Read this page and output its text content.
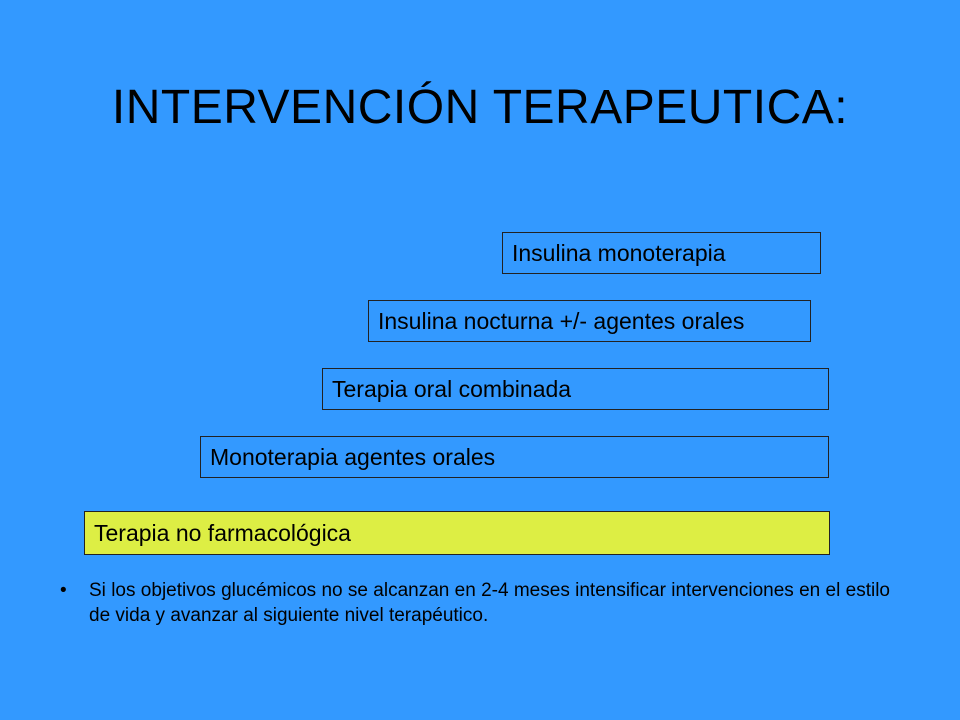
INTERVENCIÓN TERAPEUTICA:
Insulina monoterapia
Insulina nocturna +/- agentes orales
Terapia oral combinada
Monoterapia agentes orales
Terapia no farmacológica
• Si los objetivos glucémicos no se alcanzan en 2-4 meses intensificar intervenciones en el estilo de vida y avanzar al siguiente nivel terapéutico.
